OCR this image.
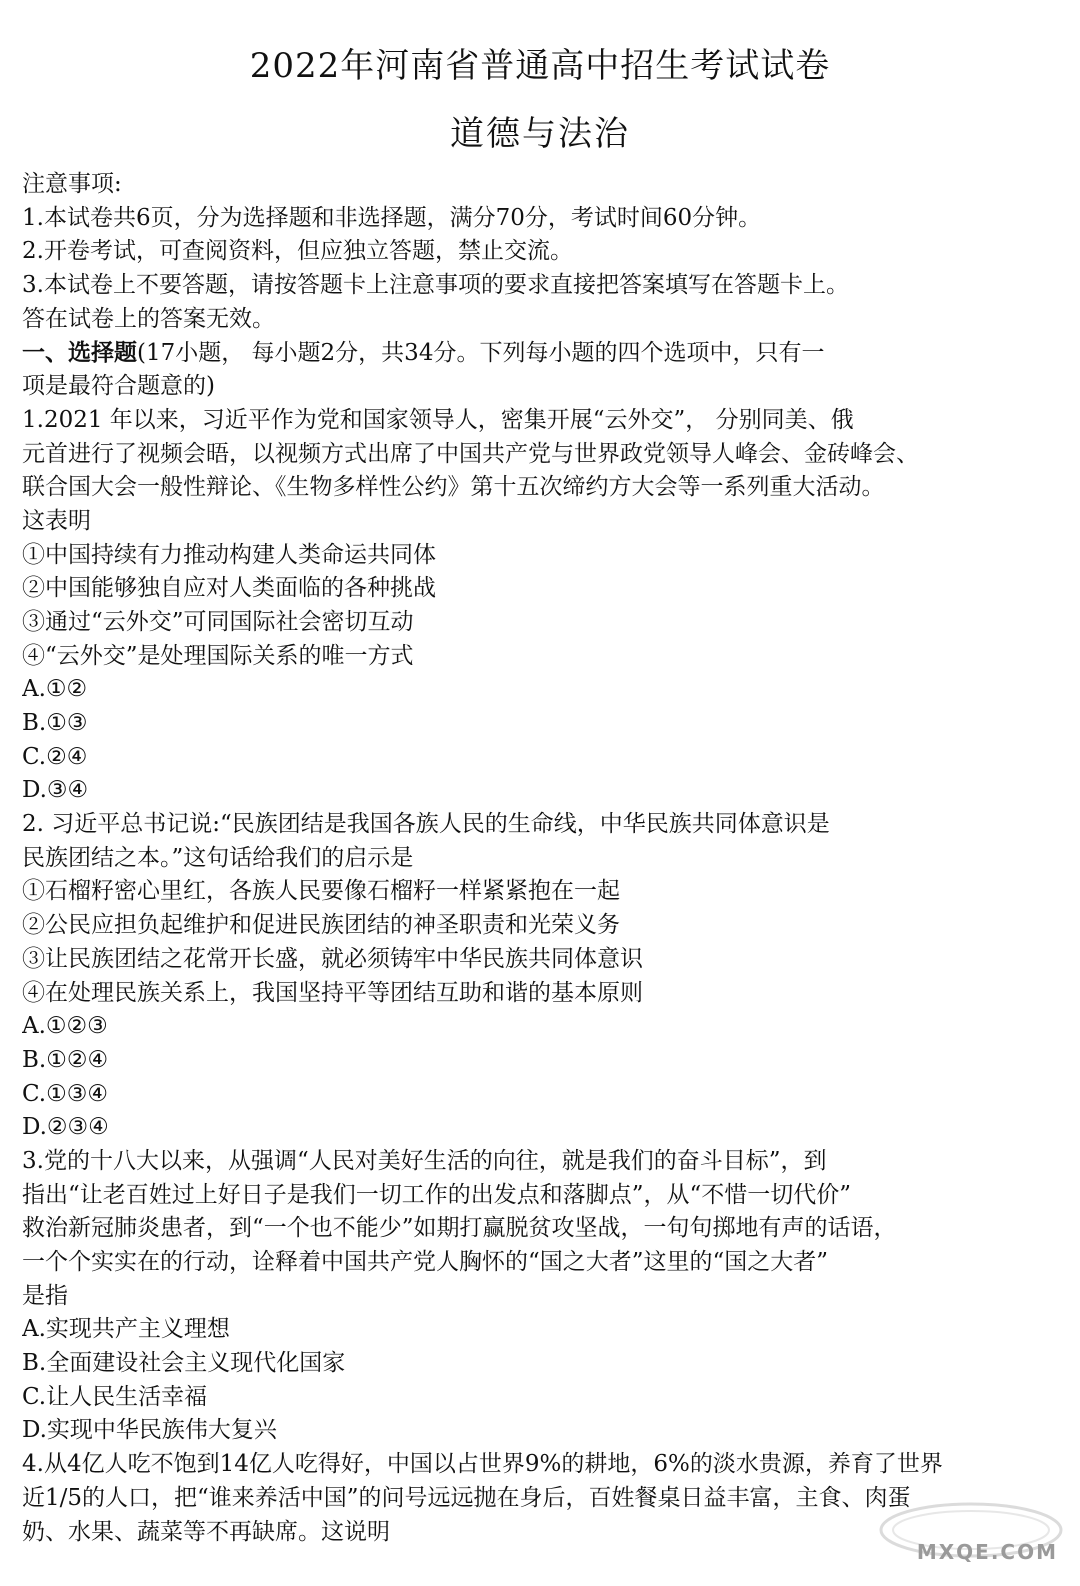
2022年河南省普通高中招生考试试卷
道德与法治
注意事项:
1.本试卷共6页，分为选择题和非选择题，满分70分，考试时间60分钟。
2.开卷考试，可查阅资料，但应独立答题，禁止交流。
3.本试卷上不要答题，请按答题卡上注意事项的要求直接把答案填写在答题卡上。
答在试卷上的答案无效。
一、选择题(17小题， 每小题2分，共34分。下列每小题的四个选项中，只有一
项是最符合题意的)
1.2021 年以来，习近平作为党和国家领导人，密集开展“云外交”， 分别同美、俄
元首进行了视频会晤，以视频方式出席了中国共产党与世界政党领导人峰会、金砖峰会、
联合国大会一般性辩论、《生物多样性公约》第十五次缔约方大会等一系列重大活动。
这表明
①中国持续有力推动构建人类命运共同体
②中国能够独自应对人类面临的各种挑战
③通过“云外交”可同国际社会密切互动
④“云外交”是处理国际关系的唯一方式
A.①②
B.①③
C.②④
D.③④
2. 习近平总书记说:“民族团结是我国各族人民的生命线，中华民族共同体意识是
民族团结之本。”这句话给我们的启示是
①石榴籽密心里红，各族人民要像石榴籽一样紧紧抱在一起
②公民应担负起维护和促进民族团结的神圣职责和光荣义务
③让民族团结之花常开长盛，就必须铸牢中华民族共同体意识
④在处理民族关系上，我国坚持平等团结互助和谐的基本原则
A.①②③
B.①②④
C.①③④
D.②③④
3.党的十八大以来，从强调“人民对美好生活的向往，就是我们的奋斗目标”，到
指出“让老百姓过上好日子是我们一切工作的出发点和落脚点”，从“不惜一切代价”
救治新冠肺炎患者，到“一个也不能少”如期打赢脱贫攻坚战，一句句掷地有声的话语，
一个个实实在的行动，诠释着中国共产党人胸怀的“国之大者”这里的“国之大者”
是指
A.实现共产主义理想
B.全面建设社会主义现代化国家
C.让人民生活幸福
D.实现中华民族伟大复兴
4.从4亿人吃不饱到14亿人吃得好，中国以占世界9%的耕地，6%的淡水贵源，养育了世界
近1/5的人口，把“谁来养活中国”的问号远远抛在身后，百姓餐桌日益丰富，主食、肉蛋
奶、水果、蔬菜等不再缺席。这说明
MXQE.COM
